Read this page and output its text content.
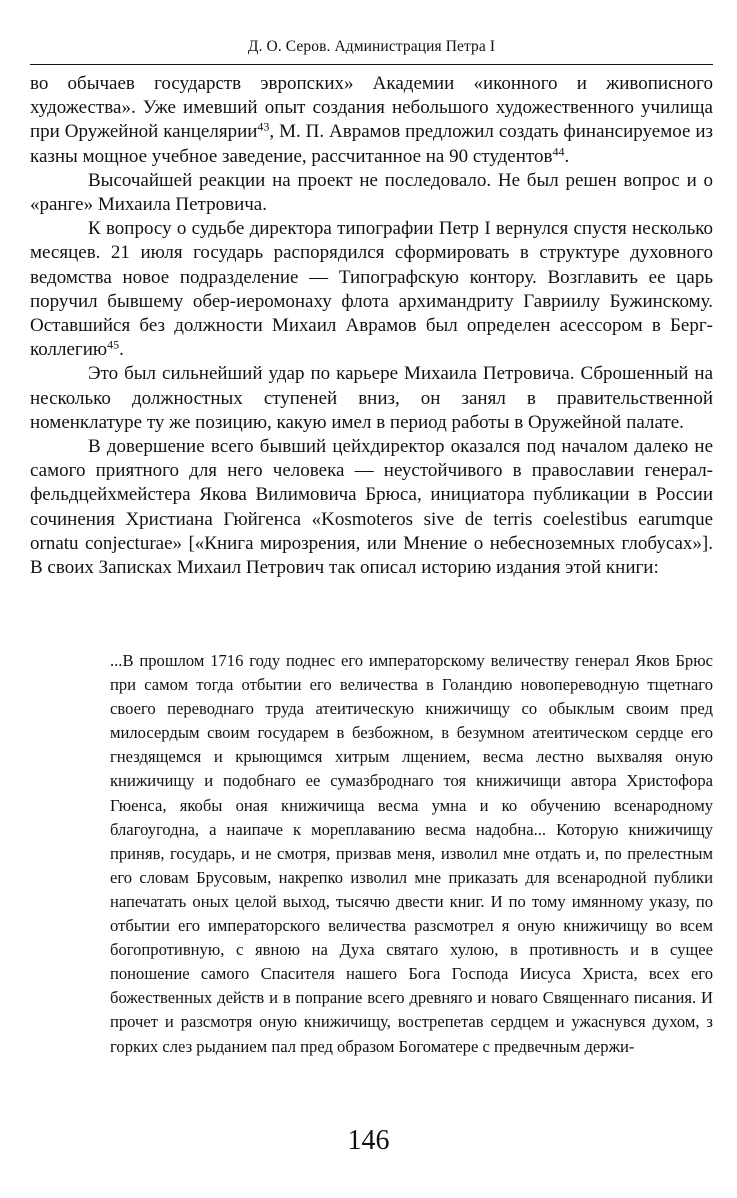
Д. О. Серов. Администрация Петра I

во обычаев государств эвропских» Академии «иконного и живописного художества». Уже имевший опыт создания небольшого художественного училища при Оружейной канцелярии$^{43}$, М. П. Аврамов предложил создать финансируемое из казны мощное учебное заведение, рассчитанное на 90 студентов$^{44}$.

Высочайшей реакции на проект не последовало. Не был решен вопрос и о «ранге» Михаила Петровича.

К вопросу о судьбе директора типографии Петр I вернулся спустя несколько месяцев. 21 июля государь распорядился сформировать в структуре духовного ведомства новое подразделение — Типографскую контору. Возглавить ее царь поручил бывшему обер-иеромонаху флота архимандриту Гавриилу Бужинскому. Оставшийся без должности Михаил Аврамов был определен асессором в Берг-коллегию$^{45}$.

Это был сильнейший удар по карьере Михаила Петровича. Сброшенный на несколько должностных ступеней вниз, он занял в правительственной номенклатуре ту же позицию, какую имел в период работы в Оружейной палате.

В довершение всего бывший цейхдиректор оказался под началом далеко не самого приятного для него человека — неустойчивого в православии генерал-фельдцейхмейстера Якова Вилимовича Брюса, инициатора публикации в России сочинения Христиана Гюйгенса «Kosmoteros sive de terris coelestibus earumque ornatu conjecturae» [«Книга мирозрения, или Мнение о небесноземных глобусах»]. В своих Записках Михаил Петрович так описал историю издания этой книги:

...В прошлом 1716 году поднес его императорскому величеству генерал Яков Брюс при самом тогда отбытии его величества в Голандию новопереводную тщетнаго своего переводнаго труда атеитическую книжичищу со обыклым своим пред милосердым своим государем в безбожном, в безумном атеитическом сердце его гнездящемся и крыющимся хитрым лщением, весма лестно выхваляя оную книжичищу и подобнаго ее сумазброднаго тоя книжичищи автора Христофора Гюенса, якобы оная книжичища весма умна и ко обучению всенародному благоугодна, а наипаче к мореплаванию весма надобна... Которую книжичищу приняв, государь, и не смотря, призвав меня, изволил мне отдать и, по прелестным его словам Брусовым, накрепко изволил мне приказать для всенародной публики напечатать оных целой выход, тысячю двести книг. И по тому имянному указу, по отбытии его императорского величества разсмотрел я оную книжичищу во всем богопротивную, с явною на Духа святаго хулою, в противность и в сущее поношение самого Спасителя нашего Бога Господа Иисуса Христа, всех его божественных действ и в попрание всего древняго и новаго Священнаго писания. И прочет и разсмотря оную книжичищу, вострепетав сердцем и ужаснувся духом, з горких слез рыданием пал пред образом Богоматере с предвечным держи-

146
